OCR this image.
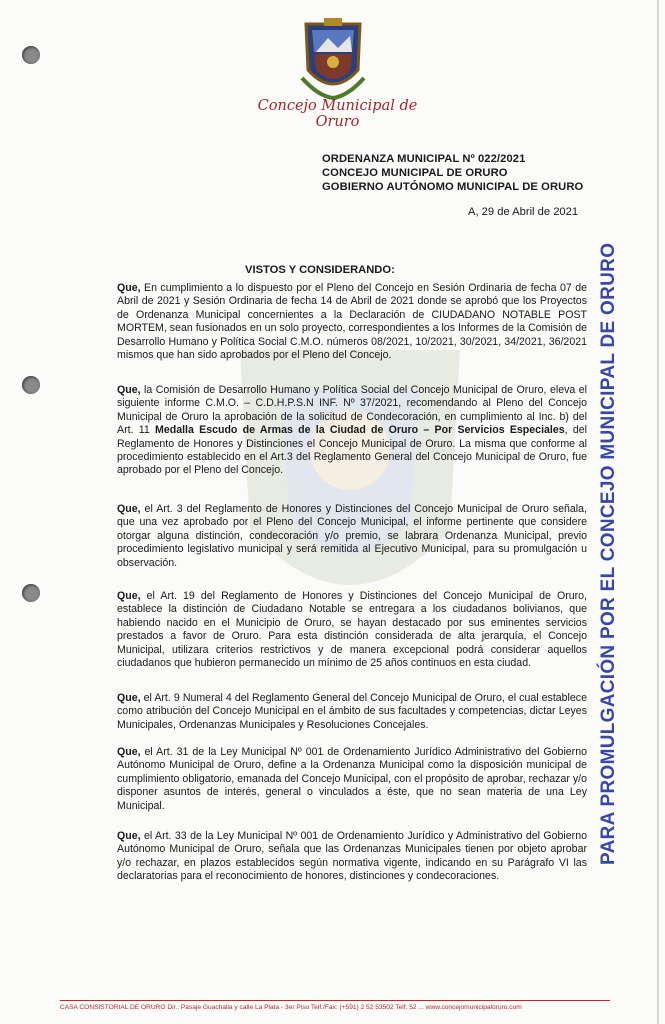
Concejo Municipal de Oruro
ORDENANZA MUNICIPAL Nº 022/2021
CONCEJO MUNICIPAL DE ORURO
GOBIERNO AUTÓNOMO MUNICIPAL DE ORURO
A, 29 de Abril de 2021
VISTOS Y CONSIDERANDO:

Que, En cumplimiento a lo dispuesto por el Pleno del Concejo en Sesión Ordinaria de fecha 07 de Abril de 2021 y Sesión Ordinaria de fecha 14 de Abril de 2021 donde se aprobó que los Proyectos de Ordenanza Municipal concernientes a la Declaración de CIUDADANO NOTABLE POST MORTEM, sean fusionados en un solo proyecto, correspondientes a los Informes de la Comisión de Desarrollo Humano y Política Social C.M.O. números 08/2021, 10/2021, 30/2021, 34/2021, 36/2021 mismos que han sido aprobados por el Pleno del Concejo.

Que, la Comisión de Desarrollo Humano y Política Social del Concejo Municipal de Oruro, eleva el siguiente informe C.M.O. – C.D.H.P.S.N INF. Nº 37/2021, recomendando al Pleno del Concejo Municipal de Oruro la aprobación de la solicitud de Condecoración, en cumplimiento al Inc. b) del Art. 11 Medalla Escudo de Armas de la Ciudad de Oruro – Por Servicios Especiales, del Reglamento de Honores y Distinciones el Concejo Municipal de Oruro. La misma que conforme al procedimiento establecido en el Art.3 del Reglamento General del Concejo Municipal de Oruro, fue aprobado por el Pleno del Concejo.

Que, el Art. 3 del Reglamento de Honores y Distinciones del Concejo Municipal de Oruro señala, que una vez aprobado por el Pleno del Concejo Municipal, el informe pertinente que considere otorgar alguna distinción, condecoración y/o premio, se labrara Ordenanza Municipal, previo procedimiento legislativo municipal y será remitida al Ejecutivo Municipal, para su promulgación u observación.

Que, el Art. 19 del Reglamento de Honores y Distinciones del Concejo Municipal de Oruro, establece la distinción de Ciudadano Notable se entregara a los ciudadanos bolivianos, que habiendo nacido en el Municipio de Oruro, se hayan destacado por sus eminentes servicios prestados a favor de Oruro. Para esta distinción considerada de alta jerarquía, el Concejo Municipal, utilizara criterios restrictivos y de manera excepcional podrá considerar aquellos ciudadanos que hubieron permanecido un mínimo de 25 años continuos en esta ciudad.

Que, el Art. 9 Numeral 4 del Reglamento General del Concejo Municipal de Oruro, el cual establece como atribución del Concejo Municipal en el ámbito de sus facultades y competencias, dictar Leyes Municipales, Ordenanzas Municipales y Resoluciones Concejales.

Que, el Art. 31 de la Ley Municipal Nº 001 de Ordenamiento Jurídico Administrativo del Gobierno Autónomo Municipal de Oruro, define a la Ordenanza Municipal como la disposición municipal de cumplimiento obligatorio, emanada del Concejo Municipal, con el propósito de aprobar, rechazar y/o disponer asuntos de interés, general o vinculados a éste, que no sean materia de una Ley Municipal.

Que, el Art. 33 de la Ley Municipal Nº 001 de Ordenamiento Jurídico y Administrativo del Gobierno Autónomo Municipal de Oruro, señala que las Ordenanzas Municipales tienen por objeto aprobar y/o rechazar, en plazos establecidos según normativa vigente, indicando en su Parágrafo VI las declaratorias para el reconocimiento de honores, distinciones y condecoraciones.

PARA PROMULGACIÓN POR EL CONCEJO MUNICIPAL DE ORURO
CASA CONSISTORIAL DE ORURO Dir.: Pasaje Guachalla y calle La Plata - 3er Piso Telf./Fax: (+591) 2 52 53502 Telf. 52 ... www.concejomunicipaloruro.com
